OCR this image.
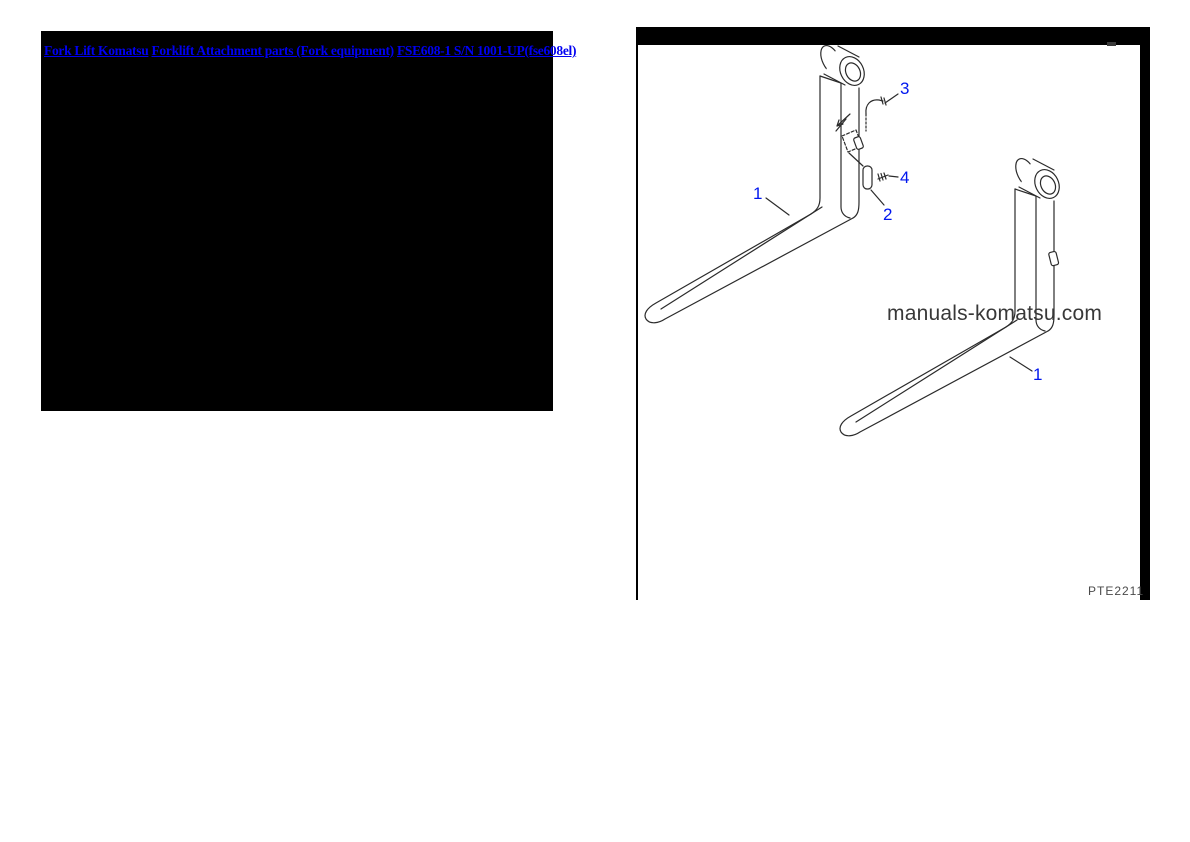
Fork Lift Komatsu Forklift Attachment parts (Fork equipment) FSE608-1 S/N 1001-UP(fse608el)
1
2
3
4
1
manuals-komatsu.com
PTE2211
